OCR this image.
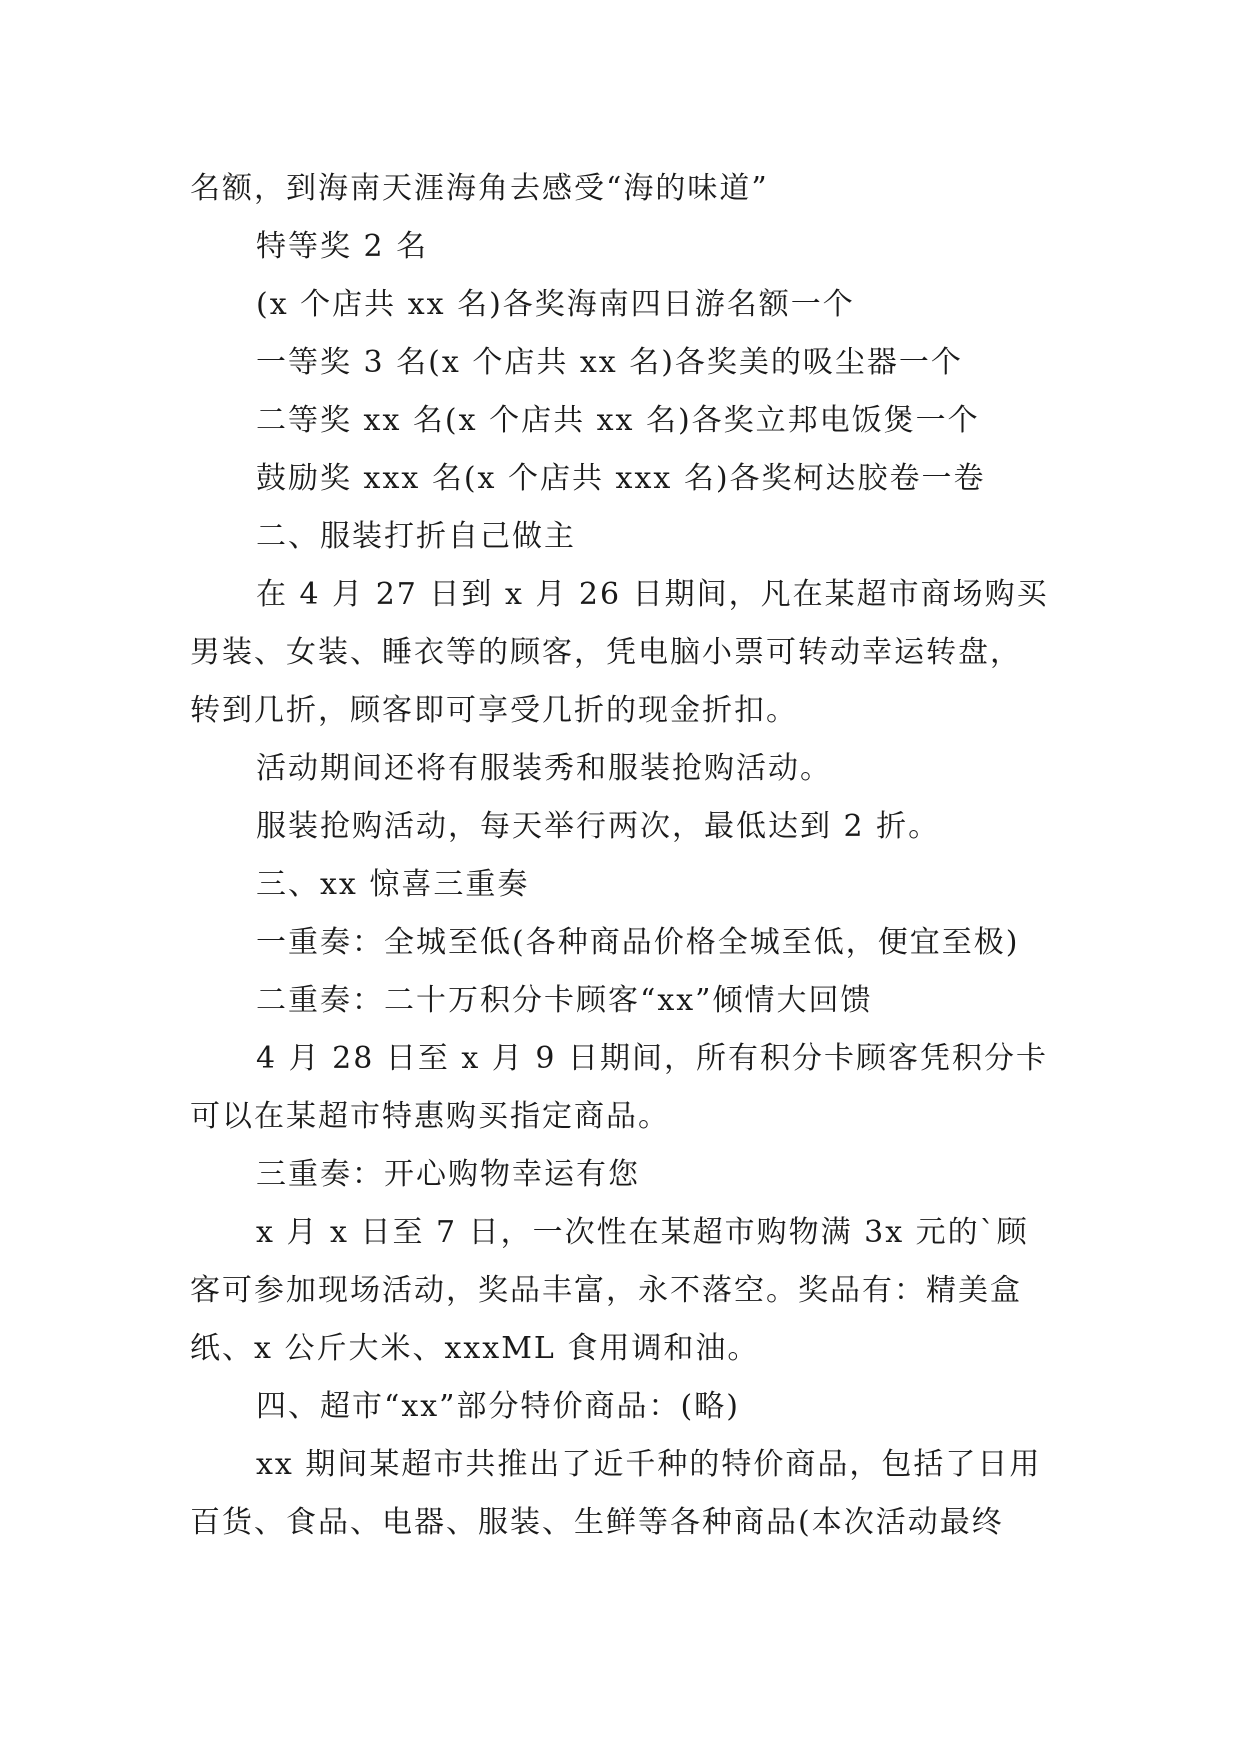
名额，到海南天涯海角去感受“海的味道”

特等奖 2 名

(x 个店共 xx 名)各奖海南四日游名额一个

一等奖 3 名(x 个店共 xx 名)各奖美的吸尘器一个

二等奖 xx 名(x 个店共 xx 名)各奖立邦电饭煲一个

鼓励奖 xxx 名(x 个店共 xxx 名)各奖柯达胶卷一卷

二、服装打折自己做主

在 4 月 27 日到 x 月 26 日期间，凡在某超市商场购买男装、女装、睡衣等的顾客，凭电脑小票可转动幸运转盘，转到几折，顾客即可享受几折的现金折扣。

活动期间还将有服装秀和服装抢购活动。

服装抢购活动，每天举行两次，最低达到 2 折。

三、xx 惊喜三重奏

一重奏：全城至低(各种商品价格全城至低，便宜至极)

二重奏：二十万积分卡顾客“xx”倾情大回馈

4 月 28 日至 x 月 9 日期间，所有积分卡顾客凭积分卡可以在某超市特惠购买指定商品。

三重奏：开心购物幸运有您

x 月 x 日至 7 日，一次性在某超市购物满 3x 元的`顾客可参加现场活动，奖品丰富，永不落空。奖品有：精美盒纸、x 公斤大米、xxxML 食用调和油。

四、超市“xx”部分特价商品：(略)

xx 期间某超市共推出了近千种的特价商品，包括了日用百货、食品、电器、服装、生鲜等各种商品(本次活动最终
